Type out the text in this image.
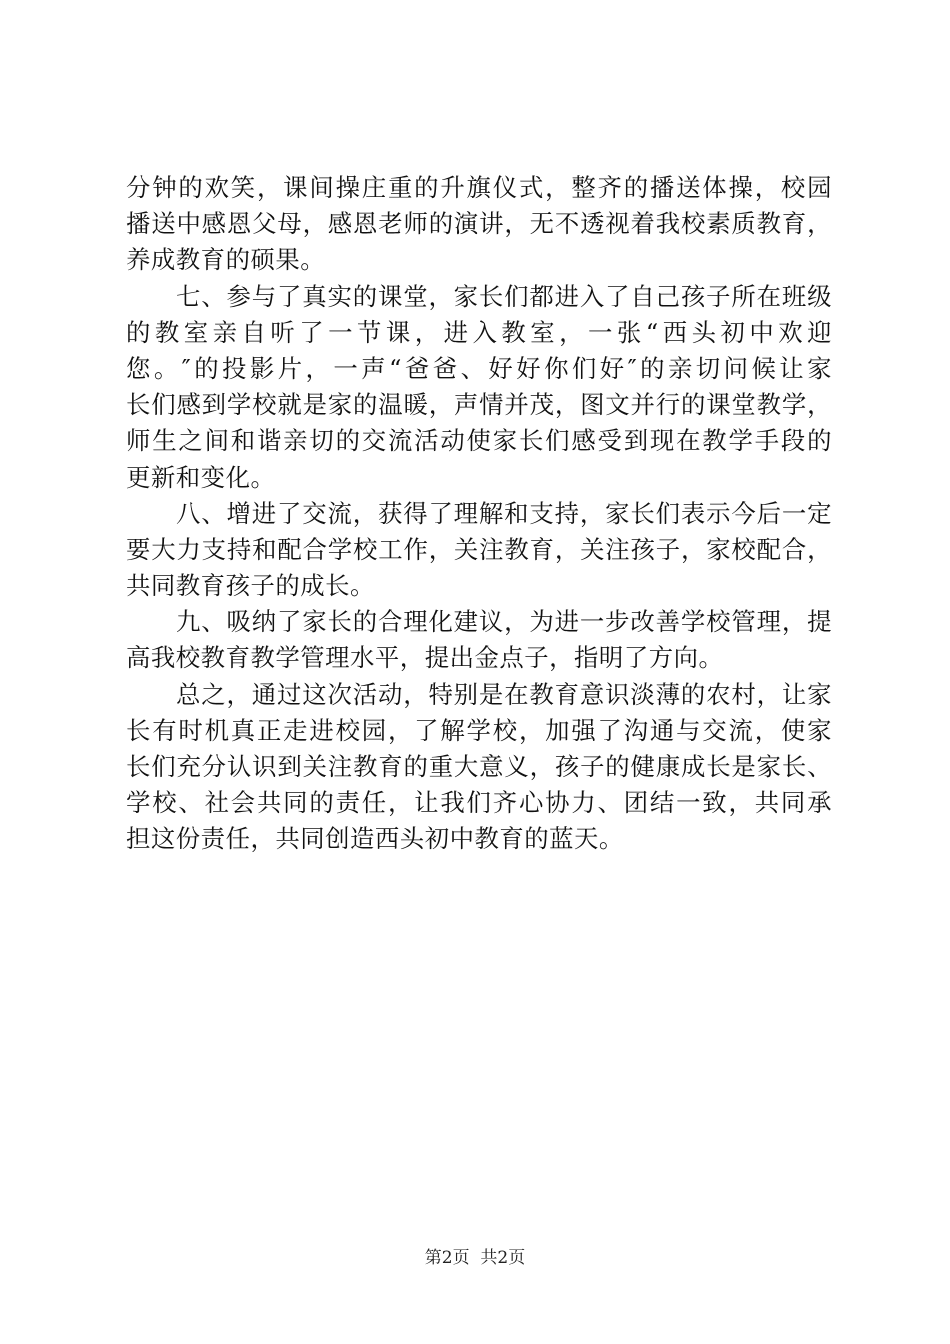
分钟的欢笑，课间操庄重的升旗仪式，整齐的播送体操，校园
播送中感恩父母，感恩老师的演讲，无不透视着我校素质教育，
养成教育的硕果。
七、参与了真实的课堂，家长们都进入了自己孩子所在班级
的教室亲自听了一节课，进入教室，一张“西头初中欢迎
您。″的投影片，一声“爸爸、好好你们好″的亲切问候让家
长们感到学校就是家的温暖，声情并茂，图文并行的课堂教学，
师生之间和谐亲切的交流活动使家长们感受到现在教学手段的
更新和变化。
八、增进了交流，获得了理解和支持，家长们表示今后一定
要大力支持和配合学校工作，关注教育，关注孩子，家校配合，
共同教育孩子的成长。
九、吸纳了家长的合理化建议，为进一步改善学校管理，提
高我校教育教学管理水平，提出金点子，指明了方向。
总之，通过这次活动，特别是在教育意识淡薄的农村，让家
长有时机真正走进校园，了解学校，加强了沟通与交流，使家
长们充分认识到关注教育的重大意义，孩子的健康成长是家长、
学校、社会共同的责任，让我们齐心协力、团结一致，共同承
担这份责任，共同创造西头初中教育的蓝天。
第2页  共2页
